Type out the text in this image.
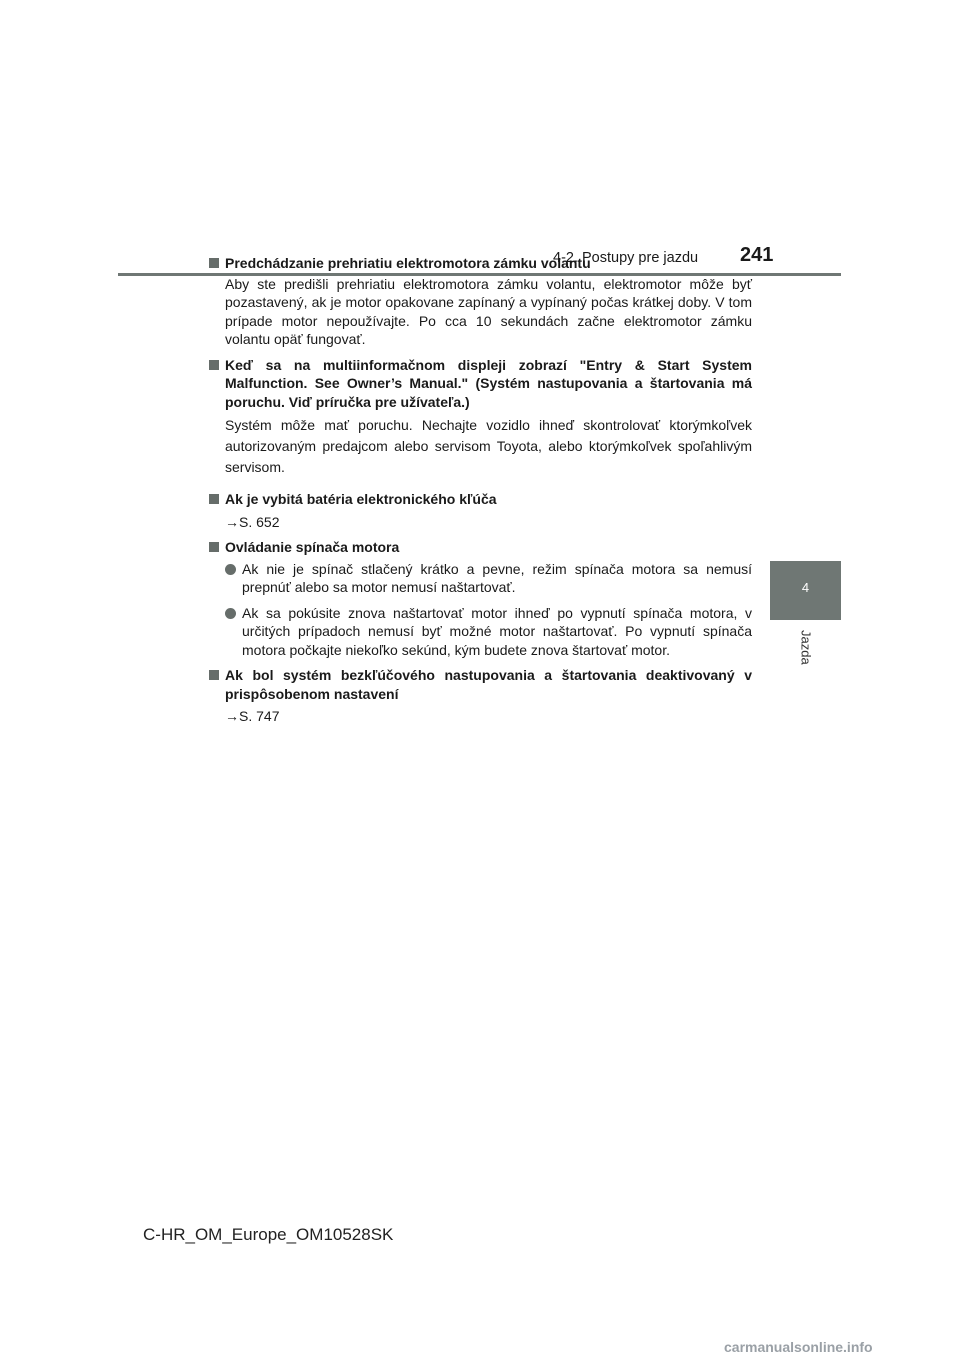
4-2. Postupy pre jazdu 241
4
Jazda
Predchádzanie prehriatiu elektromotora zámku volantu
Aby ste predišli prehriatiu elektromotora zámku volantu, elektromotor môže byť pozastavený, ak je motor opakovane zapínaný a vypínaný počas krátkej doby. V tom prípade motor nepoužívajte. Po cca 10 sekundách začne elektromotor zámku volantu opäť fungovať.
Keď sa na multiinformačnom displeji zobrazí "Entry & Start System Malfunction. See Owner’s Manual." (Systém nastupovania a štartovania má poruchu. Viď príručka pre užívateľa.)
Systém môže mať poruchu. Nechajte vozidlo ihneď skontrolovať ktorýmkoľvek autorizovaným predajcom alebo servisom Toyota, alebo ktorýmkoľvek spoľahlivým servisom.
Ak je vybitá batéria elektronického kľúča
→S. 652
Ovládanie spínača motora
Ak nie je spínač stlačený krátko a pevne, režim spínača motora sa nemusí prepnúť alebo sa motor nemusí naštartovať.
Ak sa pokúsite znova naštartovať motor ihneď po vypnutí spínača motora, v určitých prípadoch nemusí byť možné motor naštartovať. Po vypnutí spínača motora počkajte niekoľko sekúnd, kým budete znova štartovať motor.
Ak bol systém bezkľúčového nastupovania a štartovania deaktivovaný v prispôsobenom nastavení
→S. 747
C-HR_OM_Europe_OM10528SK
carmanualsonline.info
